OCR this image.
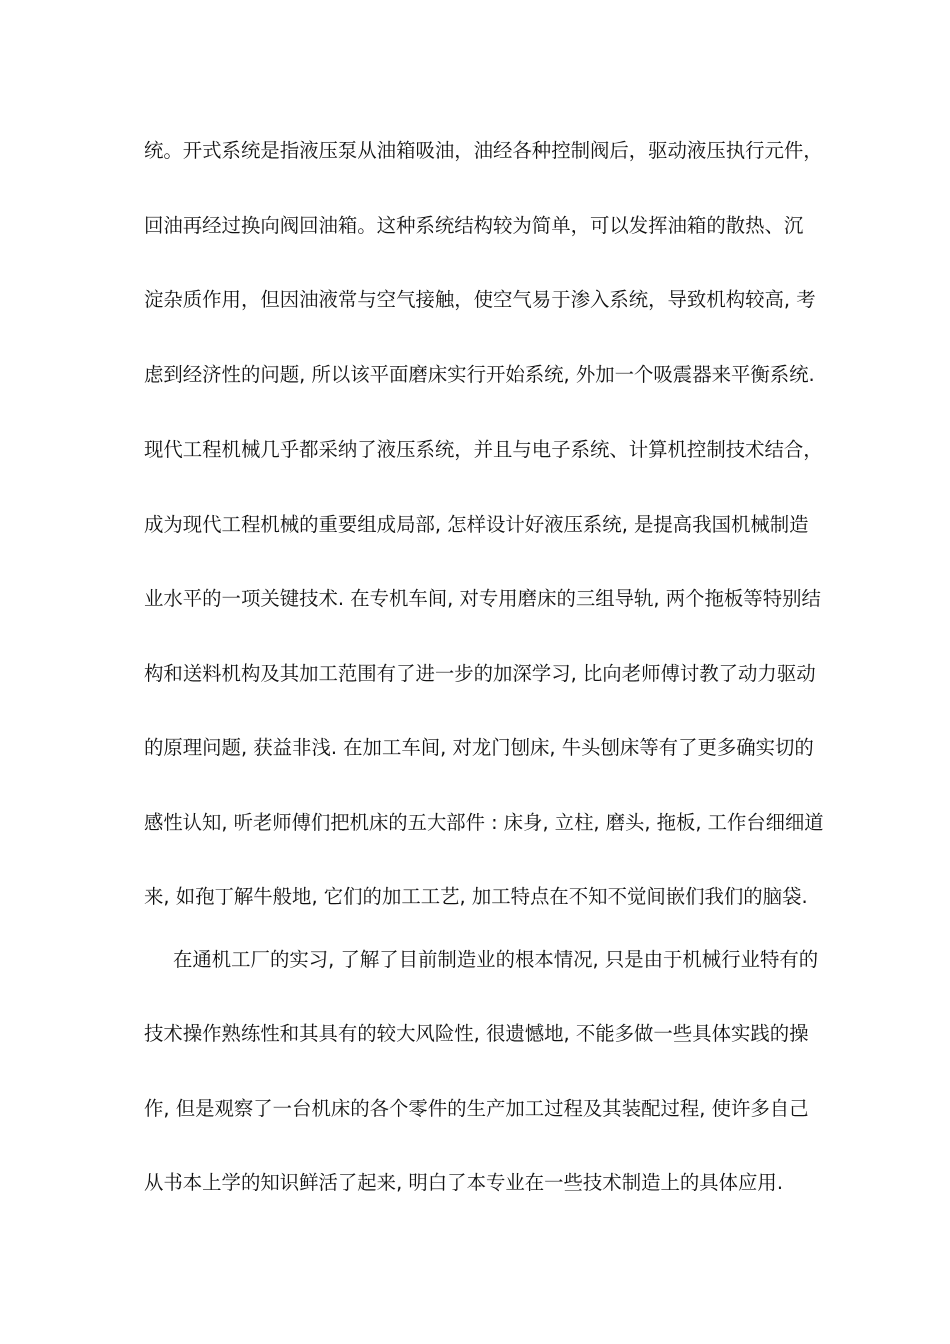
统。开式系统是指液压泵从油箱吸油，油经各种控制阀后，驱动液压执行元件，
回油再经过换向阀回油箱。这种系统结构较为简单，可以发挥油箱的散热、沉
淀杂质作用，但因油液常与空气接触，使空气易于渗入系统，导致机构较高, 考
虑到经济性的问题, 所以该平面磨床实行开始系统, 外加一个吸震器来平衡系统.
现代工程机械几乎都采纳了液压系统，并且与电子系统、计算机控制技术结合，
成为现代工程机械的重要组成局部, 怎样设计好液压系统, 是提高我国机械制造
业水平的一项关键技术. 在专机车间, 对专用磨床的三组导轨, 两个拖板等特别结
构和送料机构及其加工范围有了进一步的加深学习, 比向老师傅讨教了动力驱动
的原理问题, 获益非浅. 在加工车间, 对龙门刨床, 牛头刨床等有了更多确实切的
感性认知, 听老师傅们把机床的五大部件 : 床身, 立柱, 磨头, 拖板, 工作台细细道
来, 如孢丁解牛般地, 它们的加工工艺, 加工特点在不知不觉间嵌们我们的脑袋.
在通机工厂的实习, 了解了目前制造业的根本情况, 只是由于机械行业特有的
技术操作熟练性和其具有的较大风险性, 很遗憾地, 不能多做一些具体实践的操
作, 但是观察了一台机床的各个零件的生产加工过程及其装配过程, 使许多自己
从书本上学的知识鲜活了起来, 明白了本专业在一些技术制造上的具体应用.
